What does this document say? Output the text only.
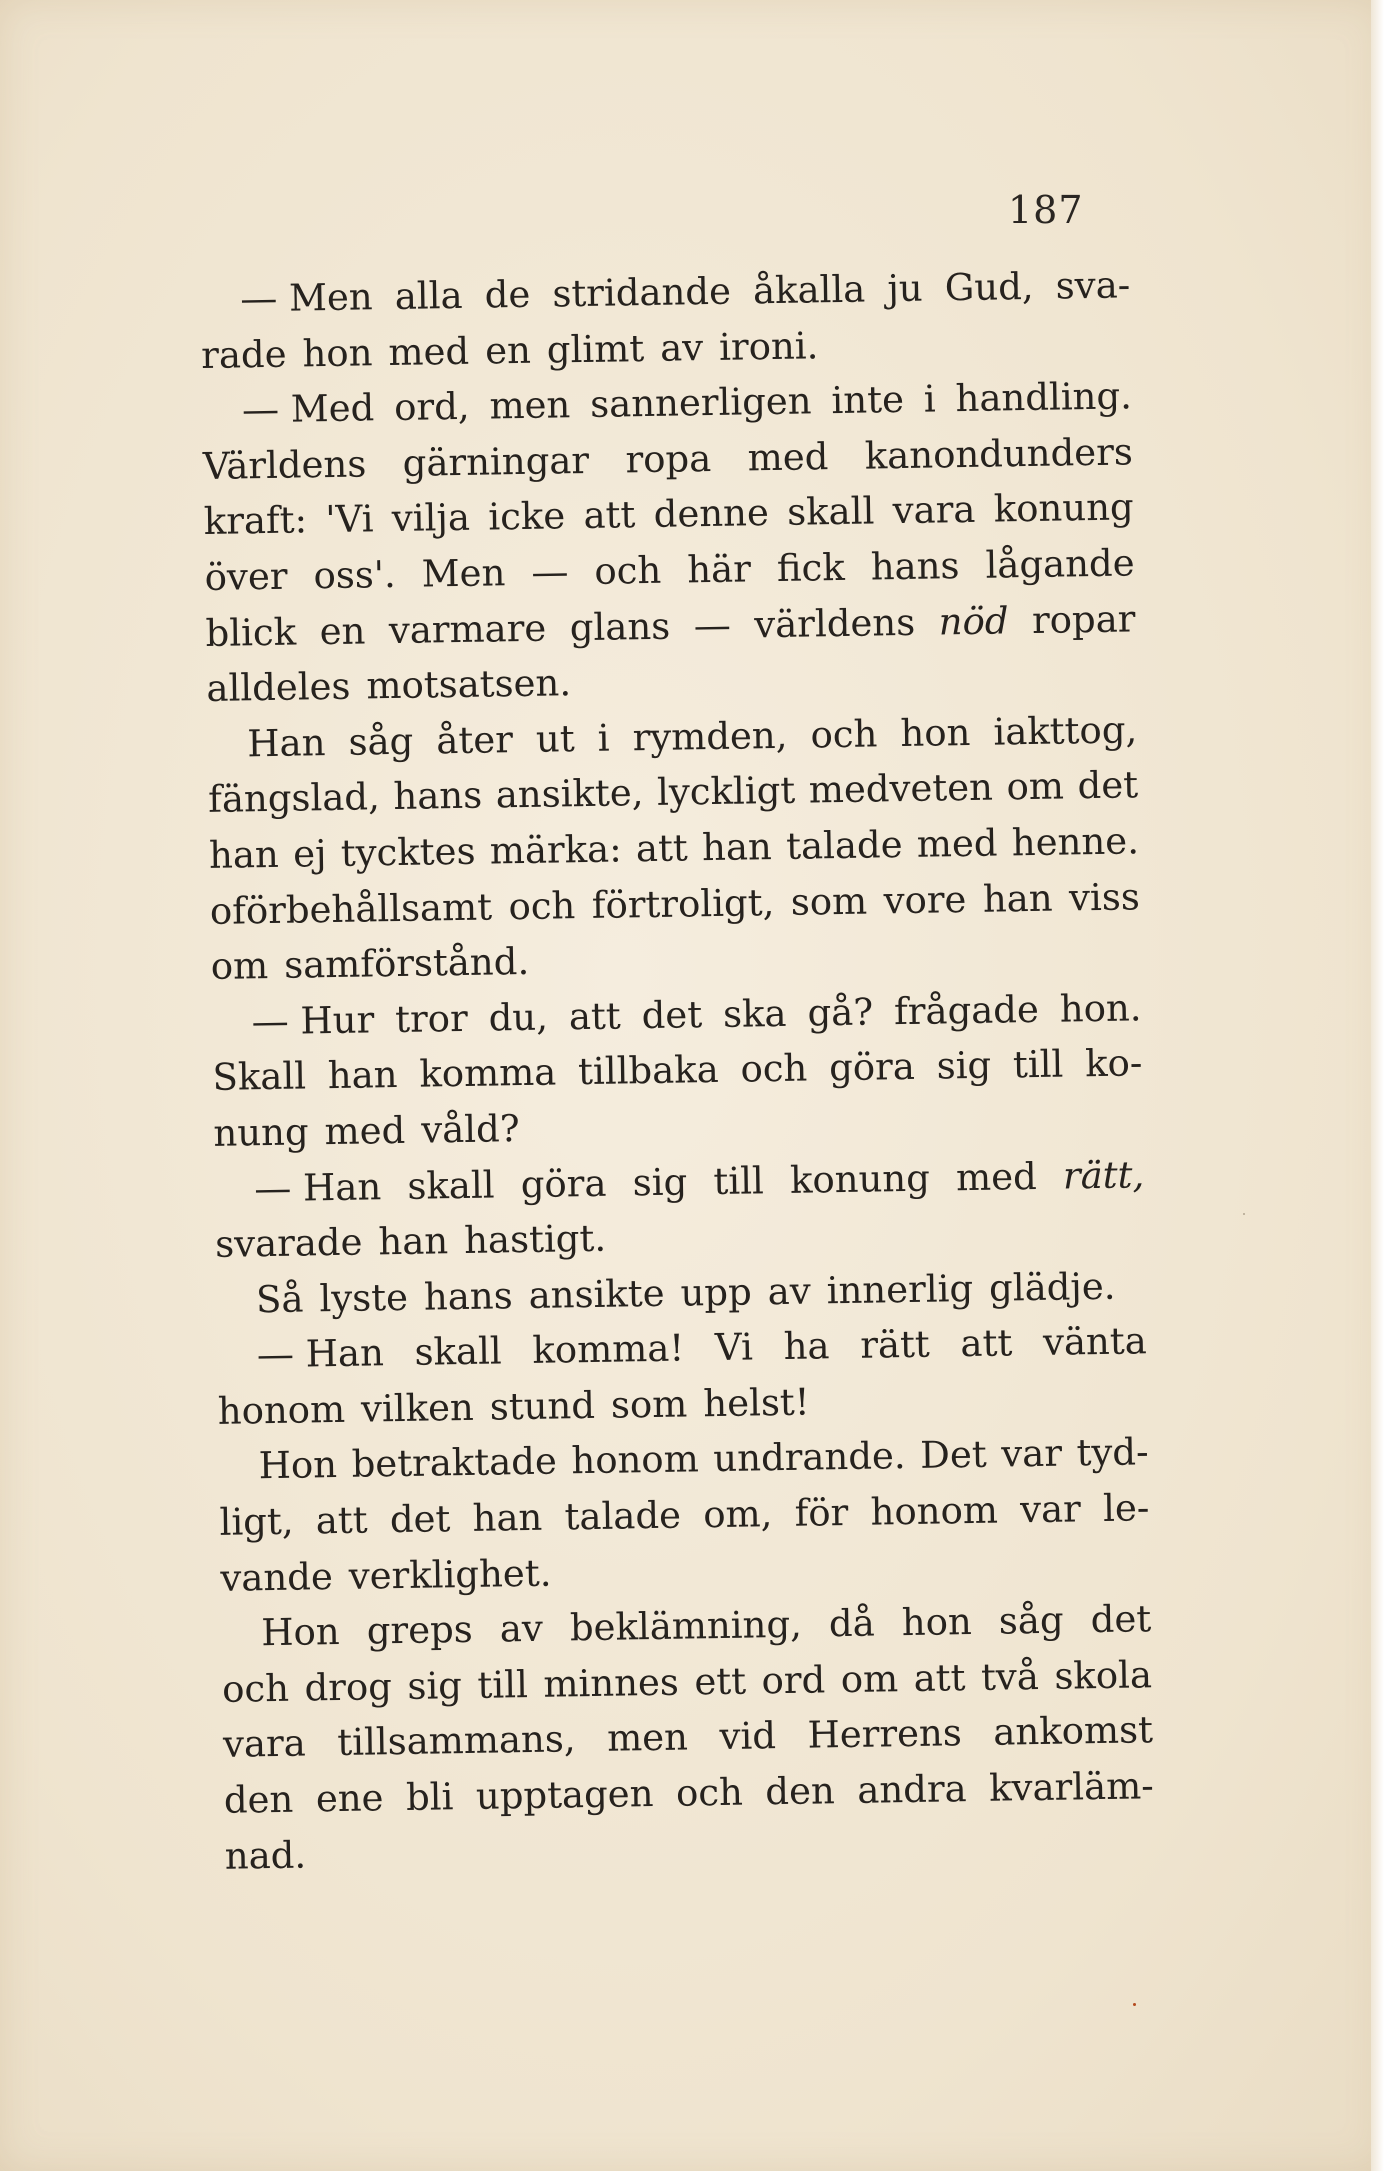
187
— Men alla de stridande åkalla ju Gud, sva-
rade hon med en glimt av ironi.
— Med ord, men sannerligen inte i handling.
Världens gärningar ropa med kanondunders
kraft: 'Vi vilja icke att denne skall vara konung
över oss'. Men — och här fick hans lågande
blick en varmare glans — världens nöd ropar
alldeles motsatsen.
Han såg åter ut i rymden, och hon iakttog,
fängslad, hans ansikte, lyckligt medveten om det
han ej tycktes märka: att han talade med henne.
oförbehållsamt och förtroligt, som vore han viss
om samförstånd.
— Hur tror du, att det ska gå? frågade hon.
Skall han komma tillbaka och göra sig till ko-
nung med våld?
— Han skall göra sig till konung med rätt,
svarade han hastigt.
Så lyste hans ansikte upp av innerlig glädje.
— Han skall komma! Vi ha rätt att vänta
honom vilken stund som helst!
Hon betraktade honom undrande. Det var tyd-
ligt, att det han talade om, för honom var le-
vande verklighet.
Hon greps av beklämning, då hon såg det
och drog sig till minnes ett ord om att två skola
vara tillsammans, men vid Herrens ankomst
den ene bli upptagen och den andra kvarläm-
nad.
